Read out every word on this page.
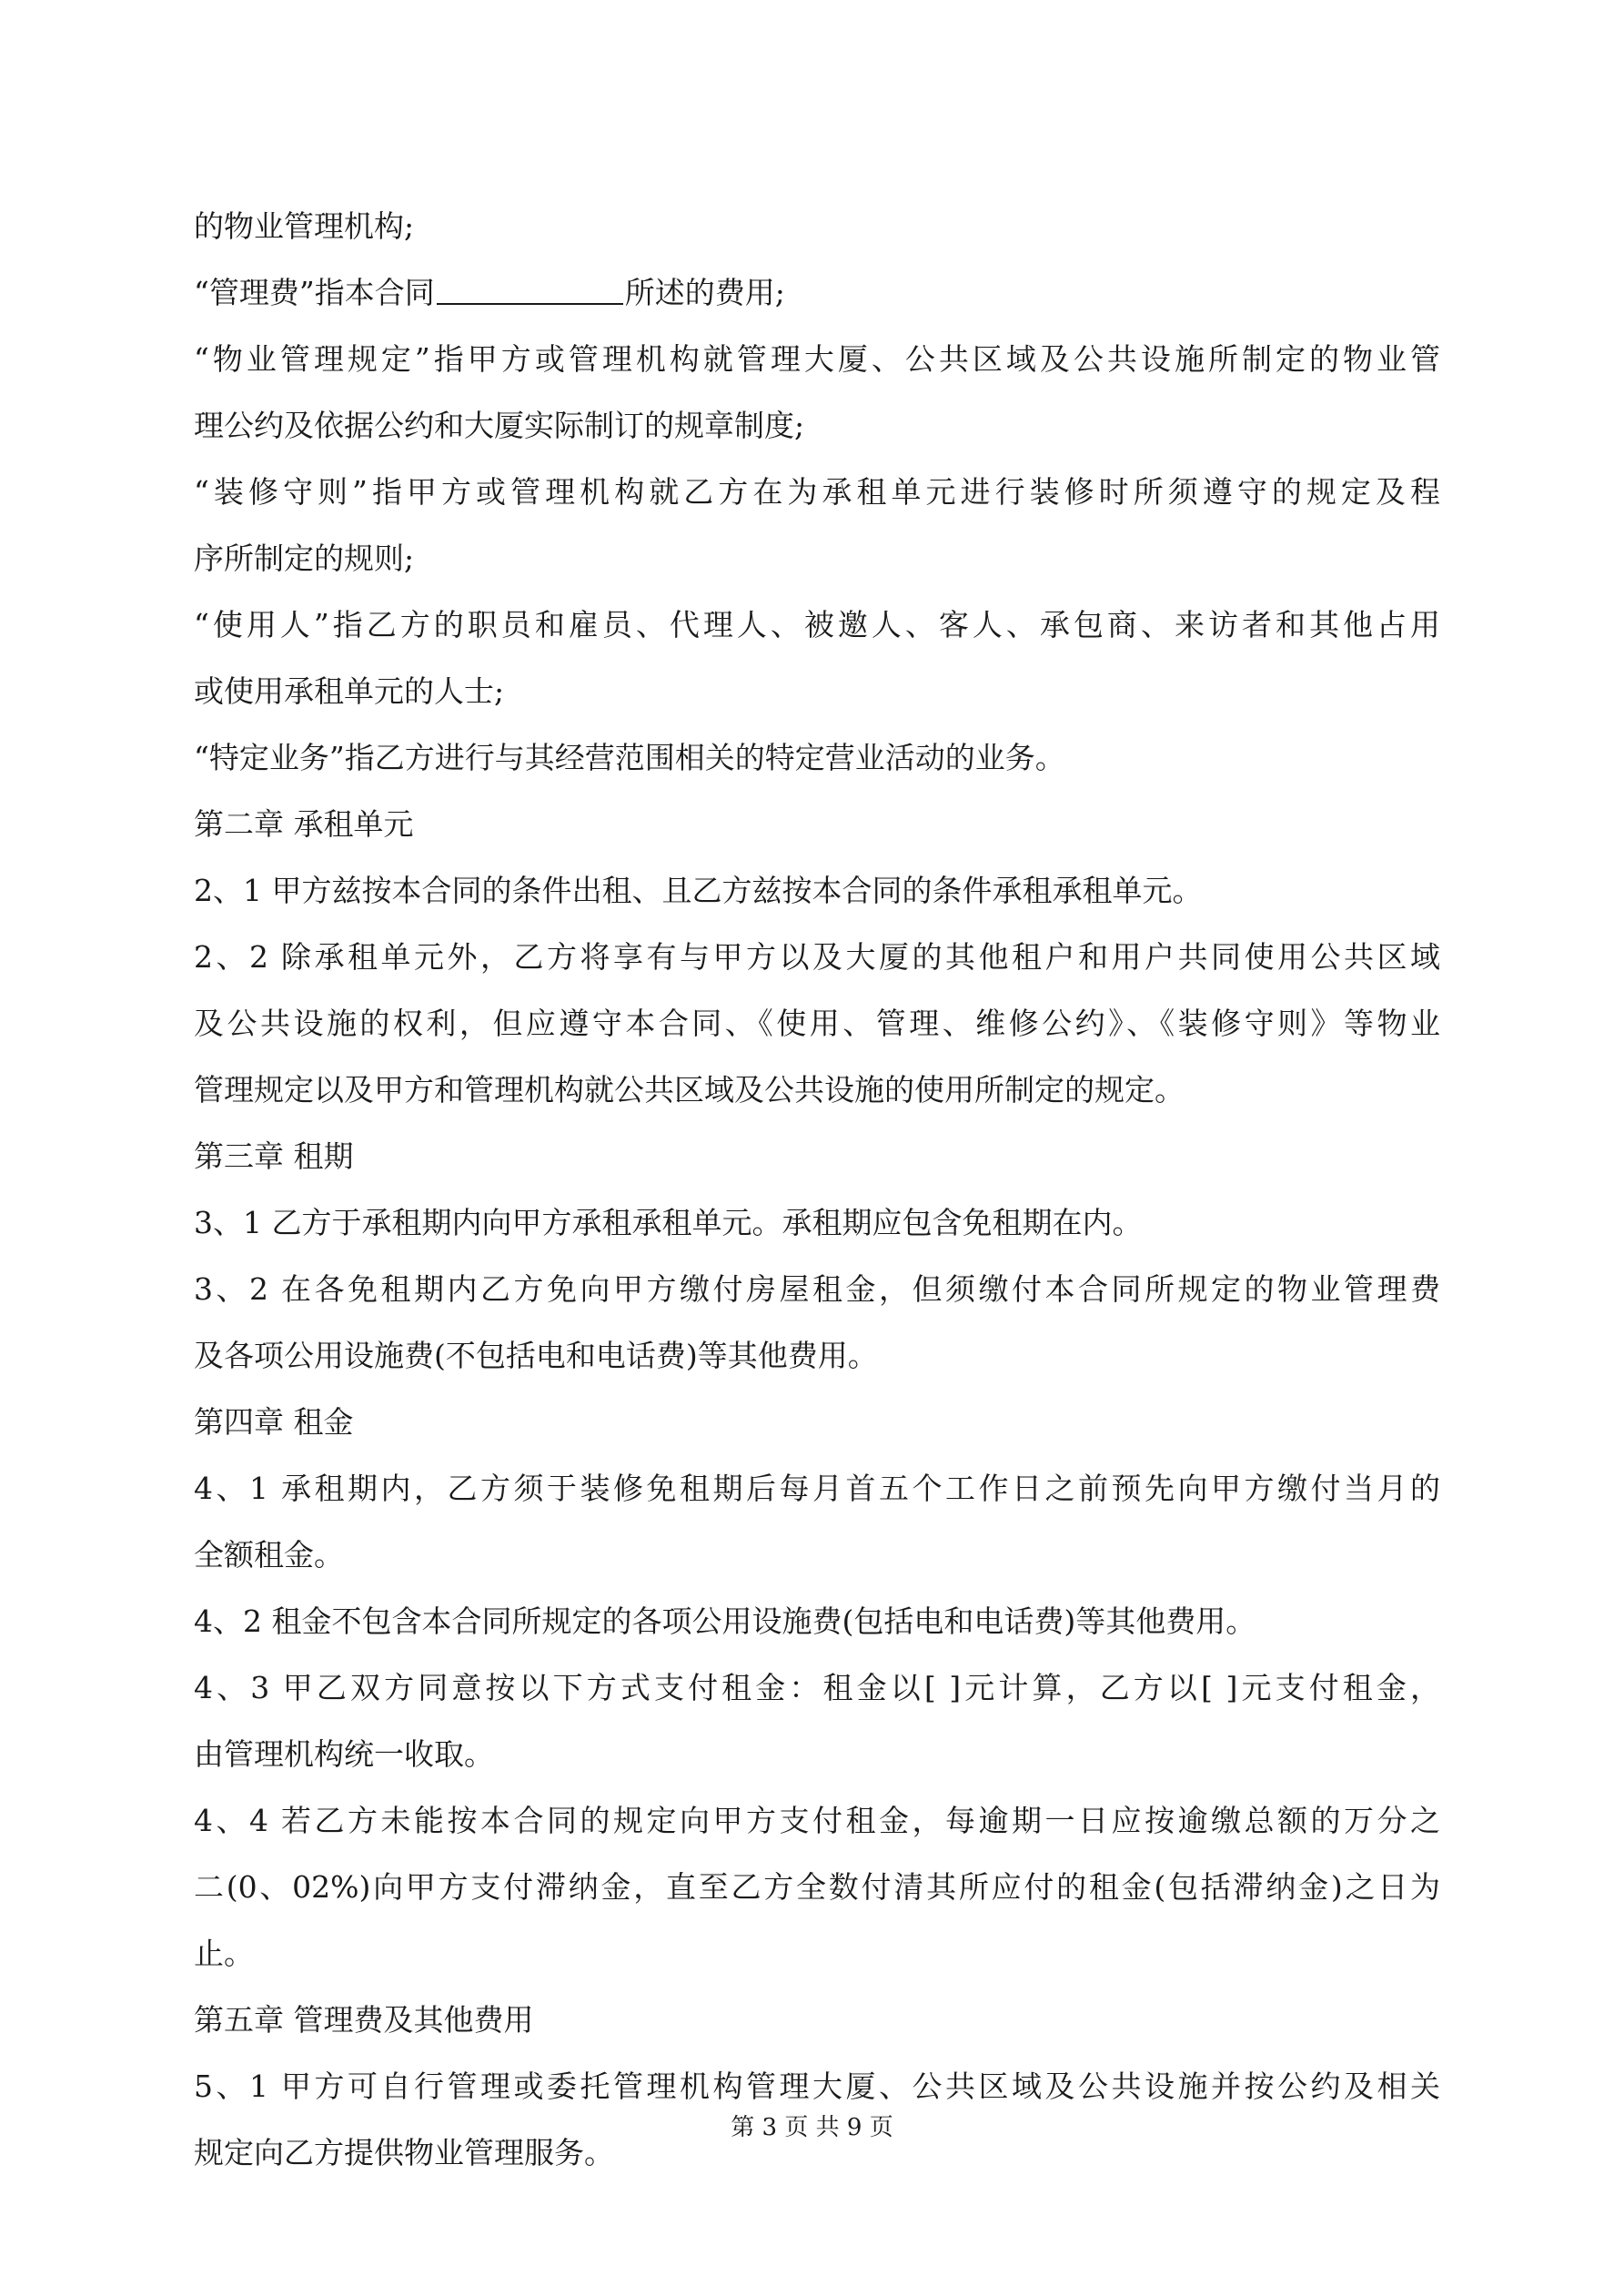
的物业管理机构;
“管理费”指本合同	所述的费用;
“物业管理规定”指甲方或管理机构就管理大厦、公共区域及公共设施所制定的物业管
理公约及依据公约和大厦实际制订的规章制度;
“装修守则”指甲方或管理机构就乙方在为承租单元进行装修时所须遵守的规定及程
序所制定的规则;
“使用人”指乙方的职员和雇员、代理人、被邀人、客人、承包商、来访者和其他占用
或使用承租单元的人士;
“特定业务”指乙方进行与其经营范围相关的特定营业活动的业务。
第二章 承租单元
2、1 甲方兹按本合同的条件出租、且乙方兹按本合同的条件承租承租单元。
2、2 除承租单元外，乙方将享有与甲方以及大厦的其他租户和用户共同使用公共区域
及公共设施的权利，但应遵守本合同、《使用、管理、维修公约》、《装修守则》等物业
管理规定以及甲方和管理机构就公共区域及公共设施的使用所制定的规定。
第三章 租期
3、1 乙方于承租期内向甲方承租承租单元。承租期应包含免租期在内。
3、2 在各免租期内乙方免向甲方缴付房屋租金，但须缴付本合同所规定的物业管理费
及各项公用设施费(不包括电和电话费)等其他费用。
第四章 租金
4、1 承租期内，乙方须于装修免租期后每月首五个工作日之前预先向甲方缴付当月的
全额租金。
4、2 租金不包含本合同所规定的各项公用设施费(包括电和电话费)等其他费用。
4、3 甲乙双方同意按以下方式支付租金：租金以[ ]元计算，乙方以[ ]元支付租金，
由管理机构统一收取。
4、4 若乙方未能按本合同的规定向甲方支付租金，每逾期一日应按逾缴总额的万分之
二(0、02%)向甲方支付滞纳金，直至乙方全数付清其所应付的租金(包括滞纳金)之日为
止。
第五章 管理费及其他费用
5、1 甲方可自行管理或委托管理机构管理大厦、公共区域及公共设施并按公约及相关
规定向乙方提供物业管理服务。
第 3 页 共 9 页
